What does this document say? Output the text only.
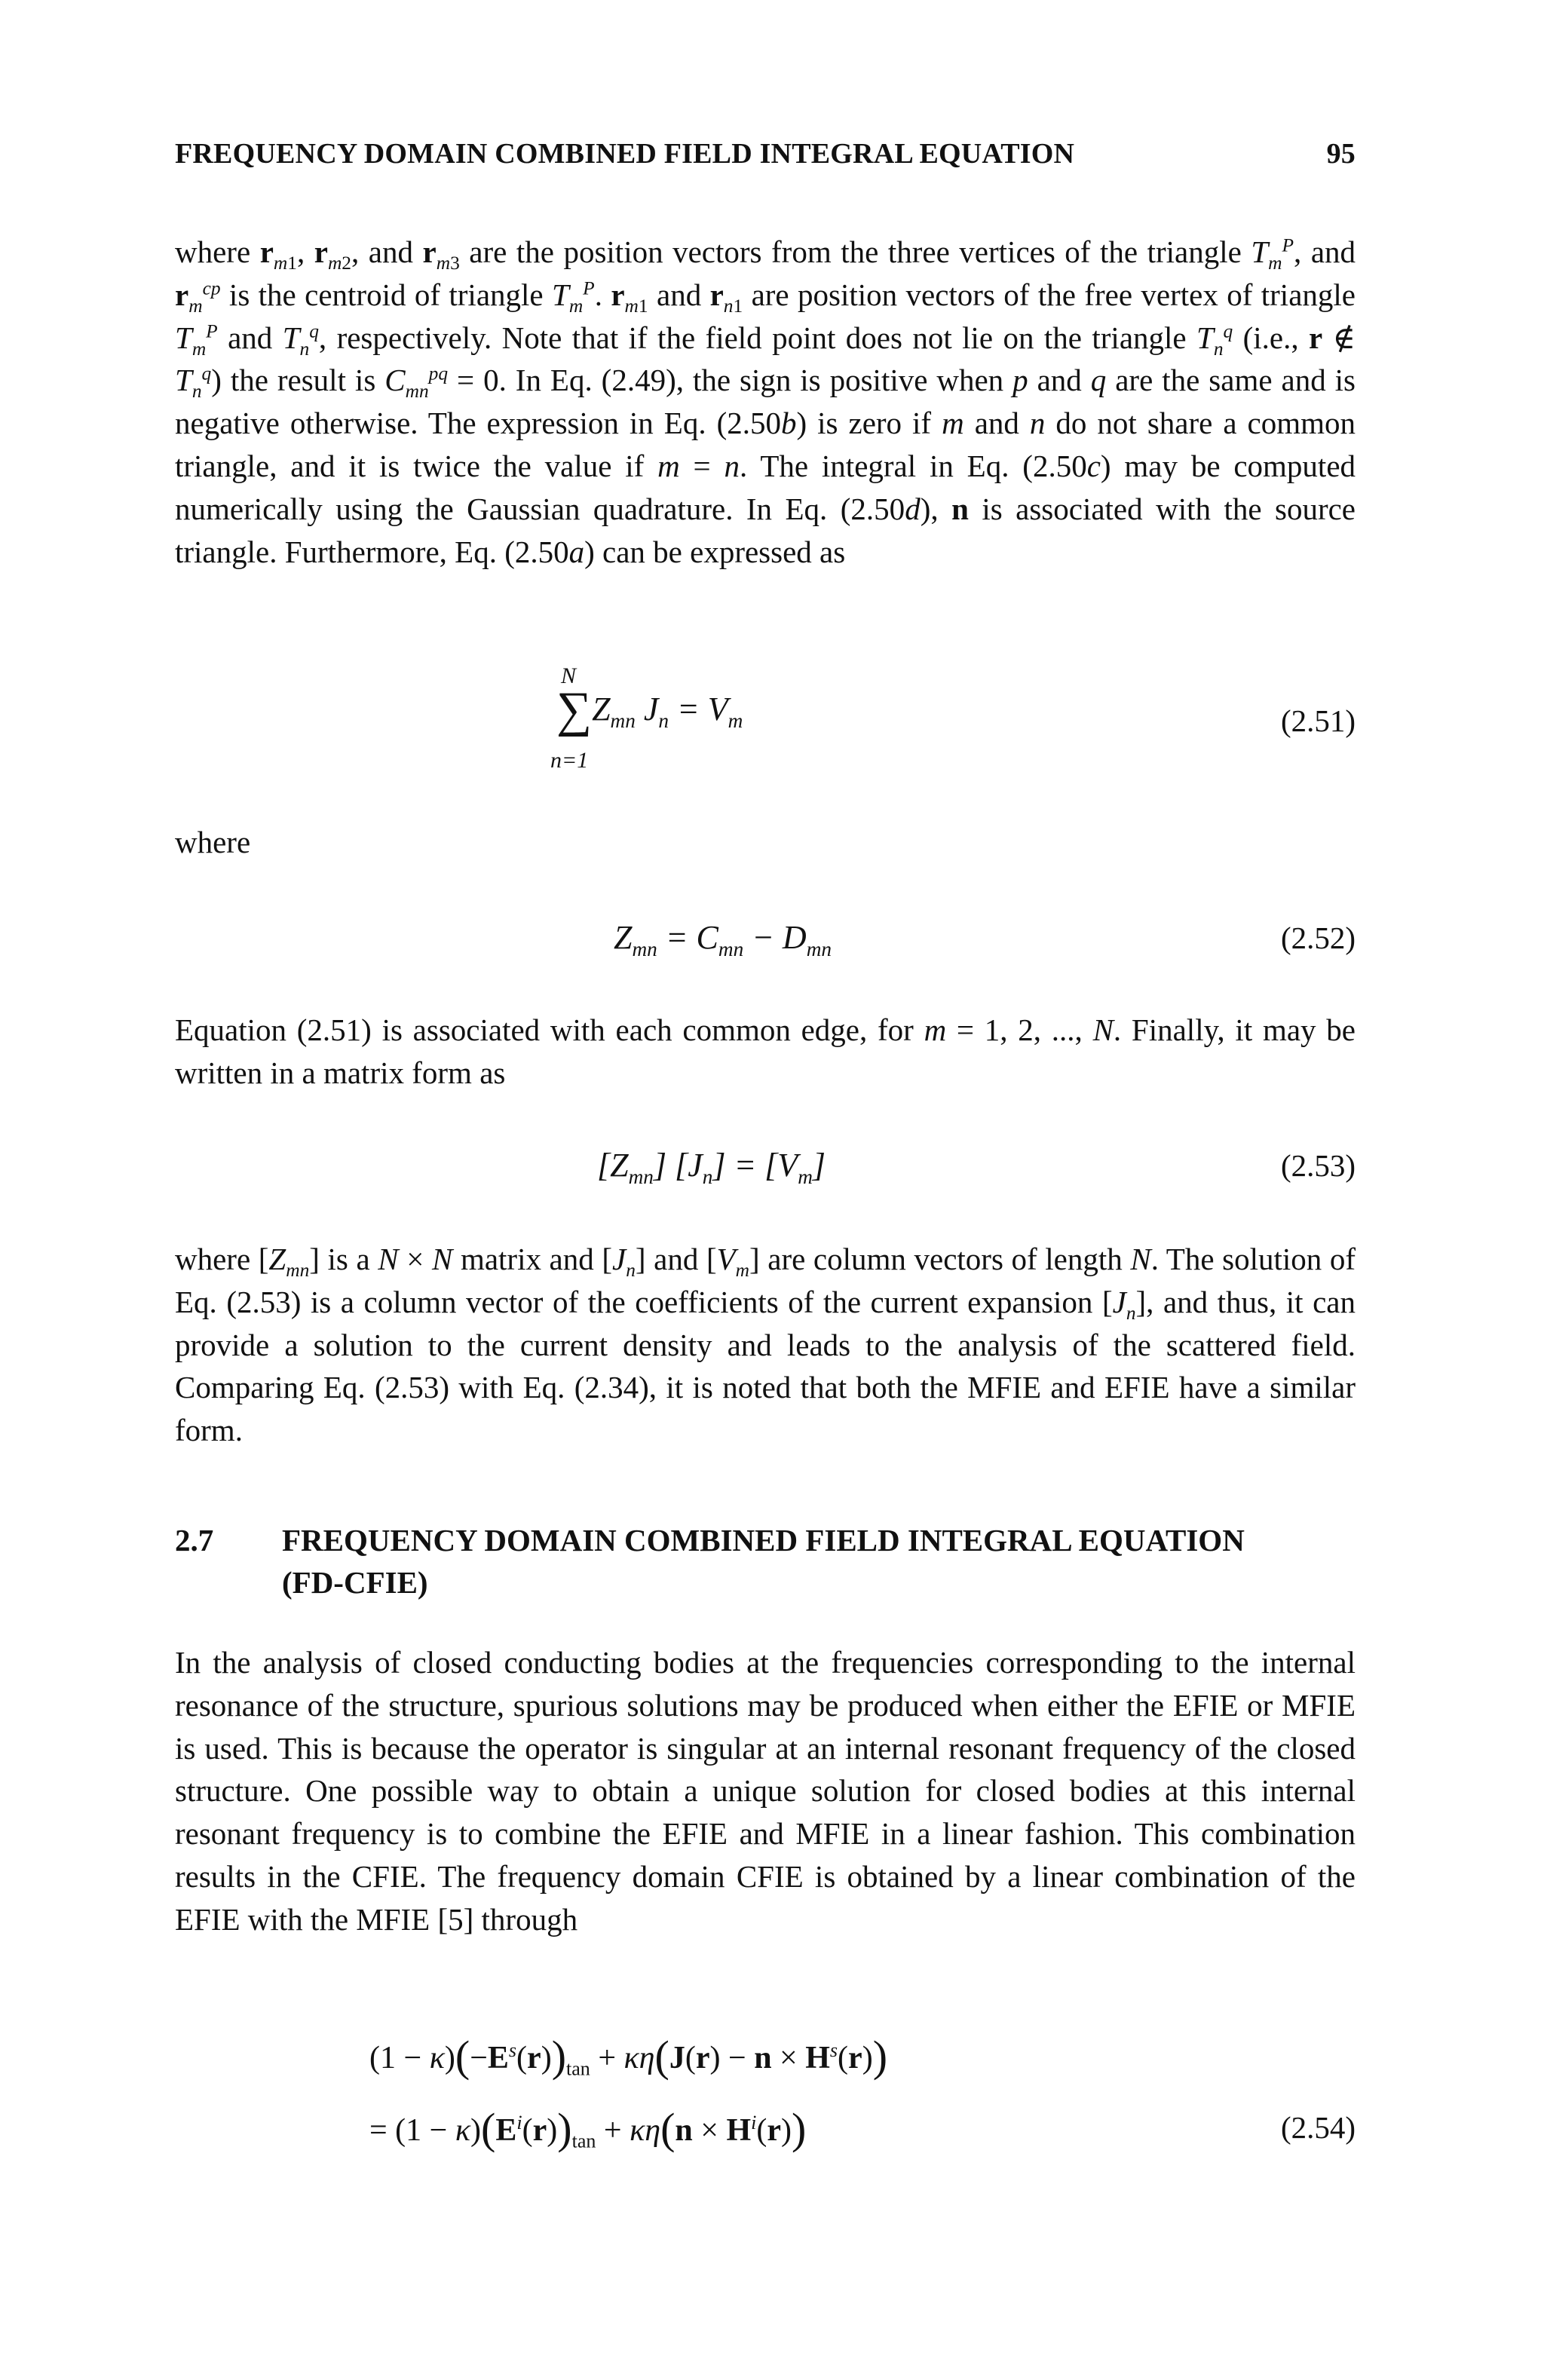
FREQUENCY DOMAIN COMBINED FIELD INTEGRAL EQUATION	95
where $r_{m1}$, $r_{m2}$, and $r_{m3}$ are the position vectors from the three vertices of the triangle $T_m^P$, and $r_m^{cp}$ is the centroid of triangle $T_m^P$. $r_{m1}$ and $r_{n1}$ are position vectors of the free vertex of triangle $T_m^P$ and $T_n^q$, respectively. Note that if the field point does not lie on the triangle $T_n^q$ (i.e., r ∉ $T_n^q$) the result is $C_{mn}^{pq} = 0$. In Eq. (2.49), the sign is positive when p and q are the same and is negative otherwise. The expression in Eq. (2.50b) is zero if m and n do not share a common triangle, and it is twice the value if m = n. The integral in Eq. (2.50c) may be computed numerically using the Gaussian quadrature. In Eq. (2.50d), n is associated with the source triangle. Furthermore, Eq. (2.50a) can be expressed as
N
$\sum Z_{mn}$ $J_n = V_m$
n=1
(2.51)
where
$Z_{mn} = C_{mn} - D_{mn}$	(2.52)
Equation (2.51) is associated with each common edge, for m = 1, 2, ..., N. Finally, it may be written in a matrix form as
$[Z_{mn}] [J_n] = [V_m]$	(2.53)
where $[Z_{mn}]$ is a N × N matrix and $[J_n]$ and $[V_m]$ are column vectors of length N. The solution of Eq. (2.53) is a column vector of the coefficients of the current expansion $[J_n]$, and thus, it can provide a solution to the current density and leads to the analysis of the scattered field. Comparing Eq. (2.53) with Eq. (2.34), it is noted that both the MFIE and EFIE have a similar form.
2.7 FREQUENCY DOMAIN COMBINED FIELD INTEGRAL EQUATION (FD-CFIE)
In the analysis of closed conducting bodies at the frequencies corresponding to the internal resonance of the structure, spurious solutions may be produced when either the EFIE or MFIE is used. This is because the operator is singular at an internal resonant frequency of the closed structure. One possible way to obtain a unique solution for closed bodies at this internal resonant frequency is to combine the EFIE and MFIE in a linear fashion. This combination results in the CFIE. The frequency domain CFIE is obtained by a linear combination of the EFIE with the MFIE [5] through
$(1 - \kappa)(-E^s(r))_{tan} + \kappa\eta(J(r) - n \times H^s(r))$
= $(1 - \kappa)(E^i(r))_{tan} + \kappa\eta(n \times H^i(r))$	(2.54)
